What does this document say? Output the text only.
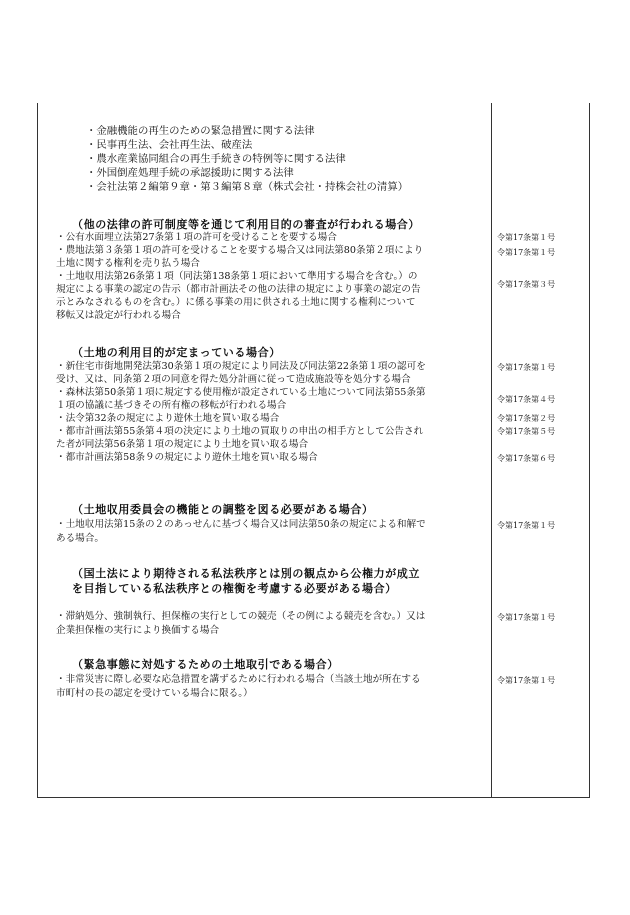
・金融機能の再生のための緊急措置に関する法律
・民事再生法、会社再生法、破産法
・農水産業協同組合の再生手続きの特例等に関する法律
・外国倒産処理手続の承認援助に関する法律
・会社法第２編第９章・第３編第８章（株式会社・持株会社の清算）
（他の法律の許可制度等を通じて利用目的の審査が行われる場合）
・公有水面埋立法第27条第１項の許可を受けることを要する場合
・農地法第３条第１項の許可を受けることを要する場合又は同法第80条第２項により
土地に関する権利を売り払う場合
・土地収用法第26条第１項（同法第138条第１項において準用する場合を含む。）の
規定による事業の認定の告示（都市計画法その他の法律の規定により事業の認定の告
示とみなされるものを含む。）に係る事業の用に供される土地に関する権利について
移転又は設定が行われる場合
令第17条第１号
令第17条第１号
令第17条第３号
（土地の利用目的が定まっている場合）
・新住宅市街地開発法第30条第１項の規定により同法及び同法第22条第１項の認可を
受け、又は、同条第２項の同意を得た処分計画に従って造成施設等を処分する場合
・森林法第50条第１項に規定する使用権が設定されている土地について同法第55条第
１項の協議に基づきその所有権の移転が行われる場合
・法令第32条の規定により遊休土地を買い取る場合
・都市計画法第55条第４項の決定により土地の買取りの申出の相手方として公告され
た者が同法第56条第１項の規定により土地を買い取る場合
・都市計画法第58条９の規定により遊休土地を買い取る場合
令第17条第１号
令第17条第４号
令第17条第２号
令第17条第５号
令第17条第６号
（土地収用委員会の機能との調整を図る必要がある場合）
・土地収用法第15条の２のあっせんに基づく場合又は同法第50条の規定による和解で
ある場合。
令第17条第１号
（国土法により期待される私法秩序とは別の観点から公権力が成立
を目指している私法秩序との権衡を考慮する必要がある場合）
・滞納処分、強制執行、担保権の実行としての競売（その例による競売を含む。）又は
企業担保権の実行により換価する場合
令第17条第１号
（緊急事態に対処するための土地取引である場合）
・非常災害に際し必要な応急措置を講ずるために行われる場合（当該土地が所在する
市町村の長の認定を受けている場合に限る。）
令第17条第１号
